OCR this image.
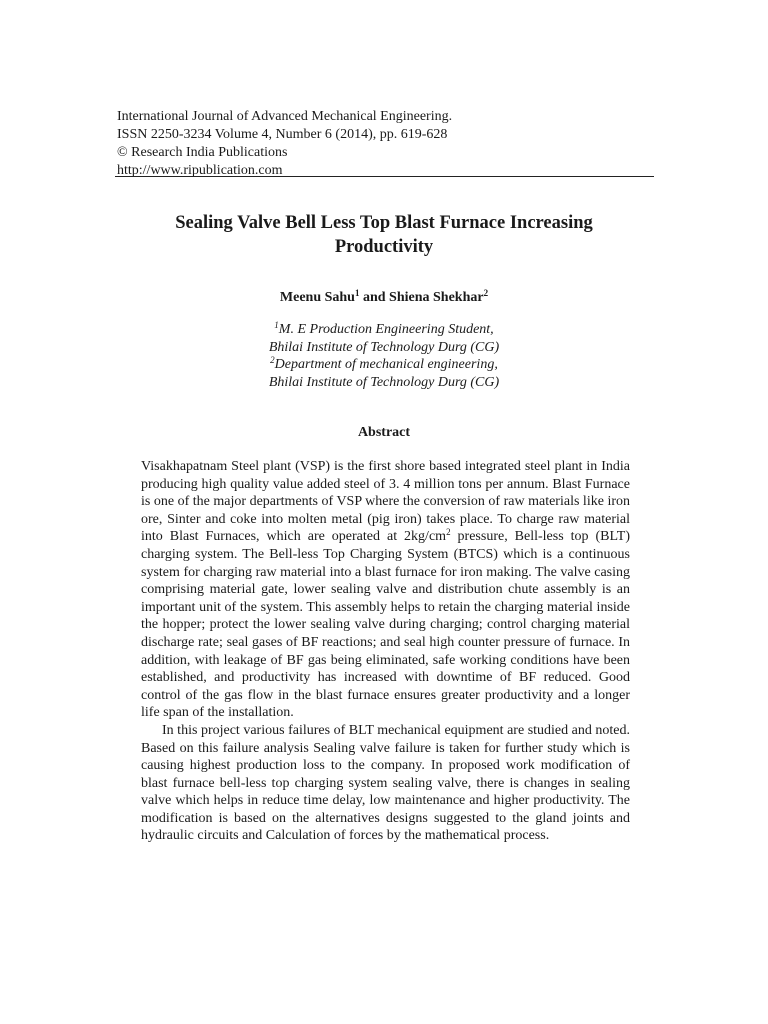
International Journal of Advanced Mechanical Engineering.
ISSN 2250-3234 Volume 4, Number 6 (2014), pp. 619-628
© Research India Publications
http://www.ripublication.com
Sealing Valve Bell Less Top Blast Furnace Increasing
Productivity
Meenu Sahu$^1$ and Shiena Shekhar$^2$
$^1$M. E Production Engineering Student,
Bhilai Institute of Technology Durg (CG)
$^2$Department of mechanical engineering,
Bhilai Institute of Technology Durg (CG)
Abstract

Visakhapatnam Steel plant (VSP) is the first shore based integrated steel plant in India producing high quality value added steel of 3. 4 million tons per annum. Blast Furnace is one of the major departments of VSP where the conversion of raw materials like iron ore, Sinter and coke into molten metal (pig iron) takes place. To charge raw material into Blast Furnaces, which are operated at $2kg/cm^2$ pressure, Bell-less top (BLT) charging system. The Bell-less Top Charging System (BTCS) which is a continuous system for charging raw material into a blast furnace for iron making. The valve casing comprising material gate, lower sealing valve and distribution chute assembly is an important unit of the system. This assembly helps to retain the charging material inside the hopper; protect the lower sealing valve during charging; control charging material discharge rate; seal gases of BF reactions; and seal high counter pressure of furnace. In addition, with leakage of BF gas being eliminated, safe working conditions have been established, and productivity has increased with downtime of BF reduced. Good control of the gas flow in the blast furnace ensures greater productivity and a longer life span of the installation.

In this project various failures of BLT mechanical equipment are studied and noted. Based on this failure analysis Sealing valve failure is taken for further study which is causing highest production loss to the company. In proposed work modification of blast furnace bell-less top charging system sealing valve, there is changes in sealing valve which helps in reduce time delay, low maintenance and higher productivity. The modification is based on the alternatives designs suggested to the gland joints and hydraulic circuits and Calculation of forces by the mathematical process.
